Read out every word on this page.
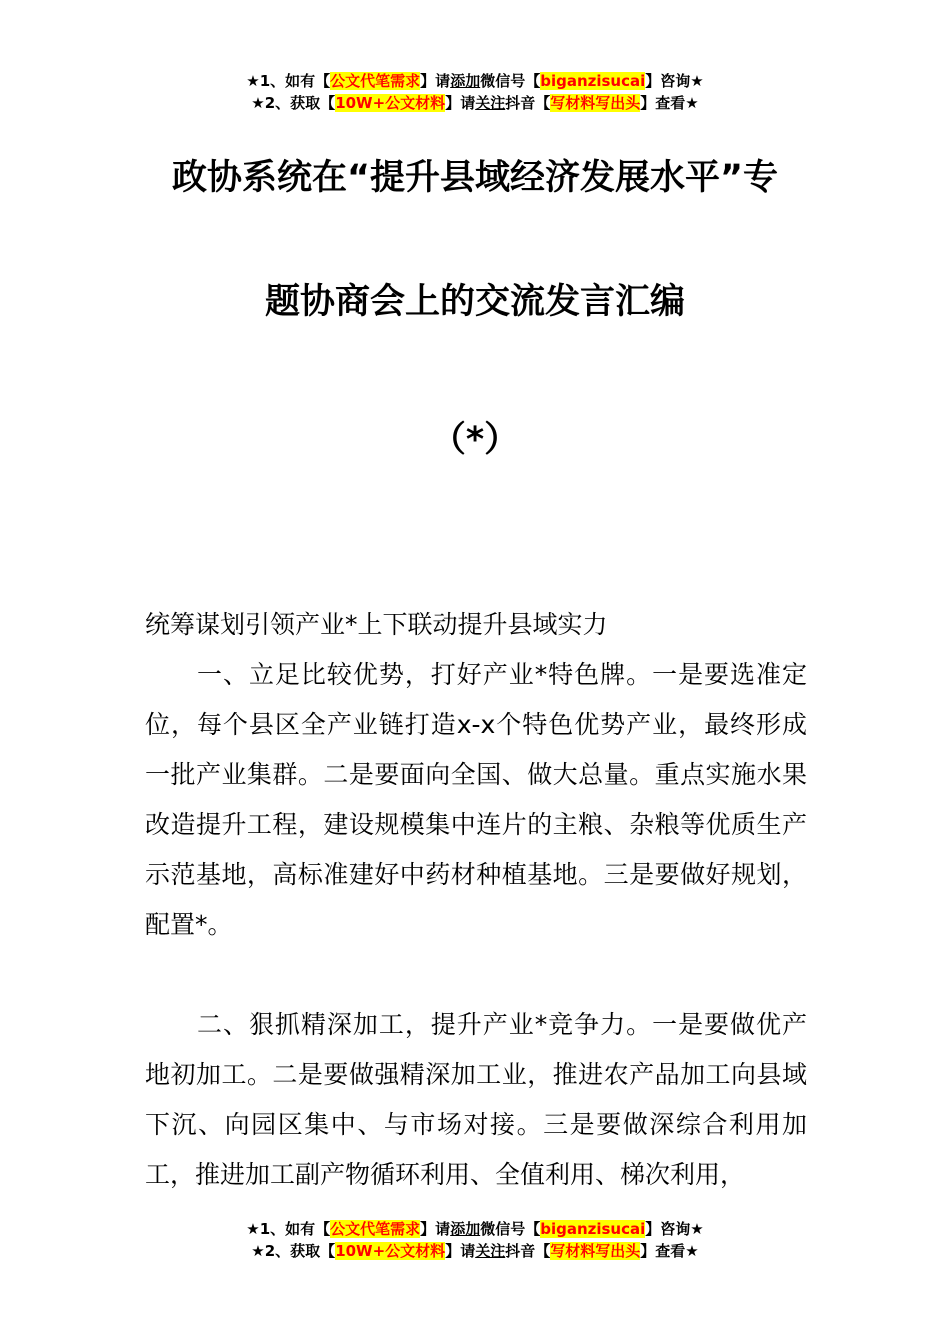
★1、如有【公文代笔需求】请添加微信号【biganzisucai】咨询★
★2、获取【10W+公文材料】请关注抖音【写材料写出头】查看★
政协系统在“提升县域经济发展水平”专
题协商会上的交流发言汇编
（*）

统筹谋划引领产业*上下联动提升县域实力

一、立足比较优势，打好产业*特色牌。一是要选准定位，每个县区全产业链打造x-x个特色优势产业，最终形成一批产业集群。二是要面向全国、做大总量。重点实施水果改造提升工程，建设规模集中连片的主粮、杂粮等优质生产示范基地，高标准建好中药材种植基地。三是要做好规划，配置*。

二、狠抓精深加工，提升产业*竞争力。一是要做优产地初加工。二是要做强精深加工业，推进农产品加工向县域下沉、向园区集中、与市场对接。三是要做深综合利用加工，推进加工副产物循环利用、全值利用、梯次利用，

★1、如有【公文代笔需求】请添加微信号【biganzisucai】咨询★
★2、获取【10W+公文材料】请关注抖音【写材料写出头】查看★
